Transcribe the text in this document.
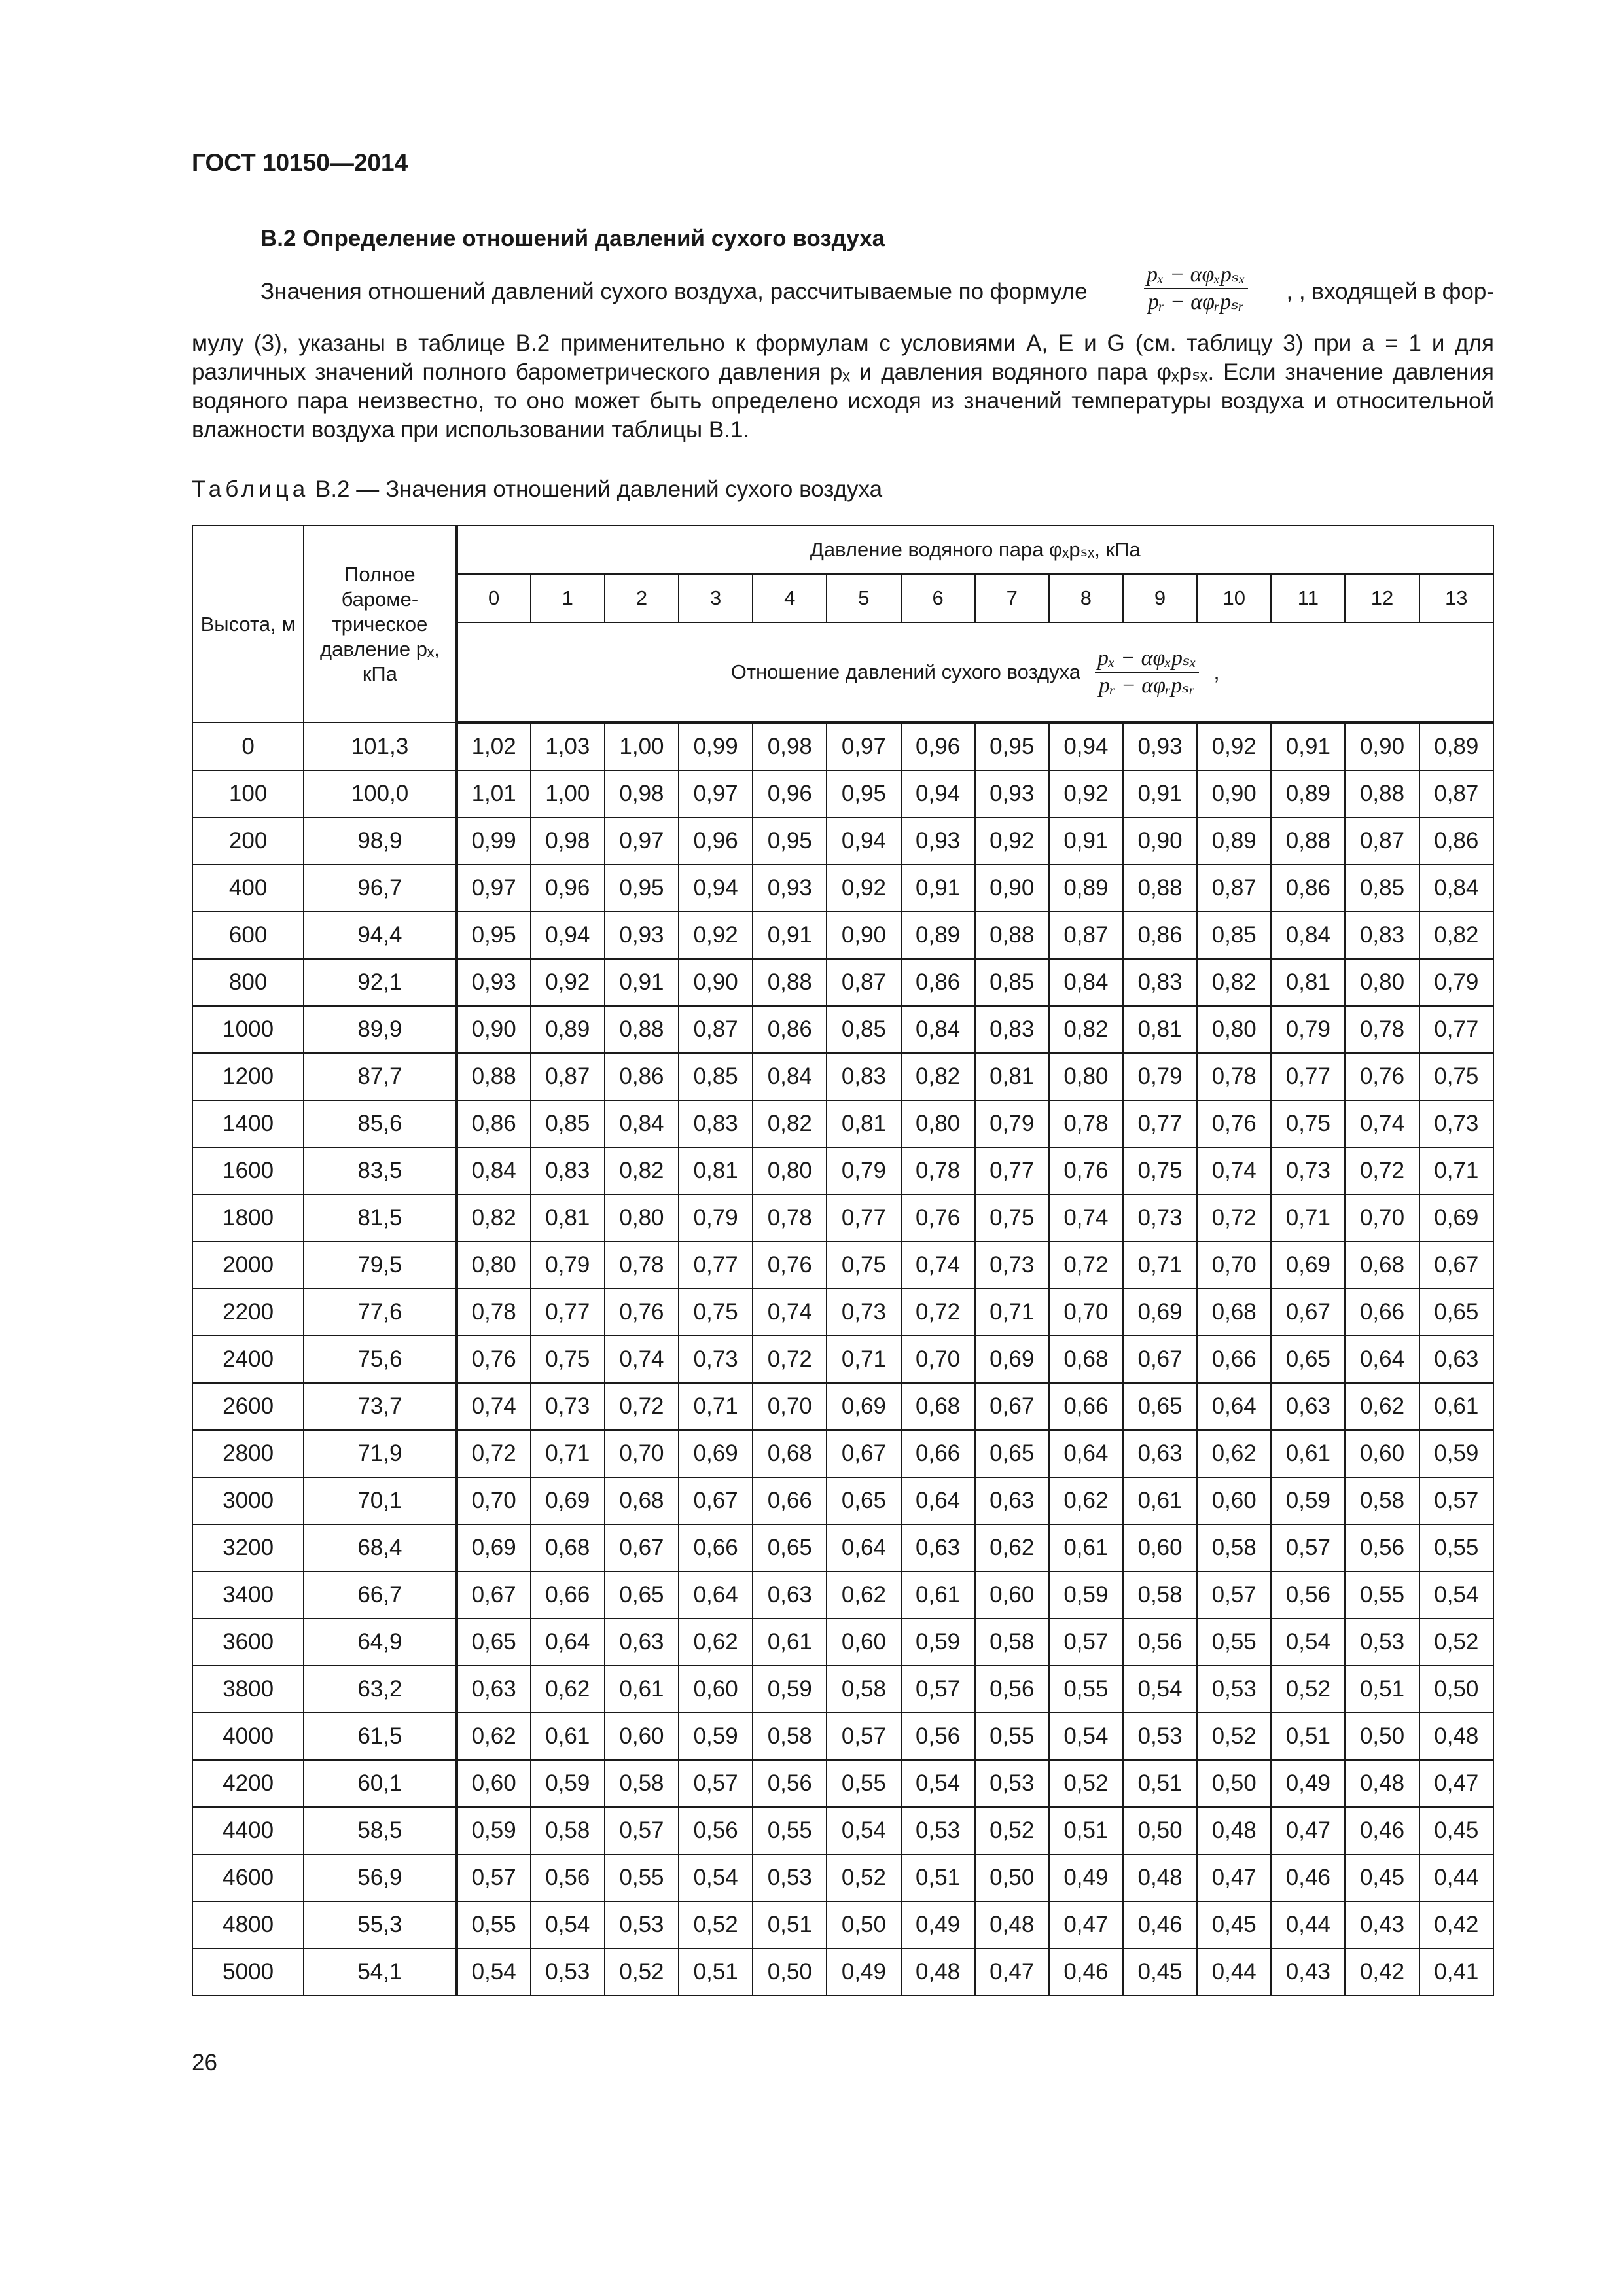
ГОСТ 10150—2014
В.2 Определение отношений давлений сухого воздуха
Значения отношений давлений сухого воздуха, рассчитываемые по формуле
pₓ − αφₓpₛₓ
pᵣ − αφᵣpₛᵣ , , входящей в фор-
мулу (3), указаны в таблице В.2 применительно к формулам с условиями A, E и G (см. таблицу 3) при a = 1 и для различных значений полного барометрического давления pₓ и давления водяного пара φₓpₛₓ. Если значение давления водяного пара неизвестно, то оно может быть определено исходя из значений температуры воздуха и относительной влажности воздуха при использовании таблицы В.1.
Таблица В.2 — Значения отношений давлений сухого воздуха
Высота, м	Полное бароме-трическое давление pₓ, кПа	Давление водяного пара φₓpₛₓ, кПа													
		0	1	2	3	4	5	6	7	8	9	10	11	12	13

		Отношение давлений сухого воздуха $\frac{\text{pₓ − αφₓpₛₓ}}{\text{pᵣ − αφᵣpₛᵣ}}$ ,													

0	101,3	1,02	1,03	1,00	0,99	0,98	0,97	0,96	0,95	0,94	0,93	0,92	0,91	0,90	0,89
100	100,0	1,01	1,00	0,98	0,97	0,96	0,95	0,94	0,93	0,92	0,91	0,90	0,89	0,88	0,87
200	98,9	0,99	0,98	0,97	0,96	0,95	0,94	0,93	0,92	0,91	0,90	0,89	0,88	0,87	0,86
400	96,7	0,97	0,96	0,95	0,94	0,93	0,92	0,91	0,90	0,89	0,88	0,87	0,86	0,85	0,84
600	94,4	0,95	0,94	0,93	0,92	0,91	0,90	0,89	0,88	0,87	0,86	0,85	0,84	0,83	0,82
800	92,1	0,93	0,92	0,91	0,90	0,88	0,87	0,86	0,85	0,84	0,83	0,82	0,81	0,80	0,79
1000	89,9	0,90	0,89	0,88	0,87	0,86	0,85	0,84	0,83	0,82	0,81	0,80	0,79	0,78	0,77
1200	87,7	0,88	0,87	0,86	0,85	0,84	0,83	0,82	0,81	0,80	0,79	0,78	0,77	0,76	0,75
1400	85,6	0,86	0,85	0,84	0,83	0,82	0,81	0,80	0,79	0,78	0,77	0,76	0,75	0,74	0,73
1600	83,5	0,84	0,83	0,82	0,81	0,80	0,79	0,78	0,77	0,76	0,75	0,74	0,73	0,72	0,71
1800	81,5	0,82	0,81	0,80	0,79	0,78	0,77	0,76	0,75	0,74	0,73	0,72	0,71	0,70	0,69
2000	79,5	0,80	0,79	0,78	0,77	0,76	0,75	0,74	0,73	0,72	0,71	0,70	0,69	0,68	0,67
2200	77,6	0,78	0,77	0,76	0,75	0,74	0,73	0,72	0,71	0,70	0,69	0,68	0,67	0,66	0,65
2400	75,6	0,76	0,75	0,74	0,73	0,72	0,71	0,70	0,69	0,68	0,67	0,66	0,65	0,64	0,63
2600	73,7	0,74	0,73	0,72	0,71	0,70	0,69	0,68	0,67	0,66	0,65	0,64	0,63	0,62	0,61
2800	71,9	0,72	0,71	0,70	0,69	0,68	0,67	0,66	0,65	0,64	0,63	0,62	0,61	0,60	0,59
3000	70,1	0,70	0,69	0,68	0,67	0,66	0,65	0,64	0,63	0,62	0,61	0,60	0,59	0,58	0,57
3200	68,4	0,69	0,68	0,67	0,66	0,65	0,64	0,63	0,62	0,61	0,60	0,58	0,57	0,56	0,55
3400	66,7	0,67	0,66	0,65	0,64	0,63	0,62	0,61	0,60	0,59	0,58	0,57	0,56	0,55	0,54
3600	64,9	0,65	0,64	0,63	0,62	0,61	0,60	0,59	0,58	0,57	0,56	0,55	0,54	0,53	0,52
3800	63,2	0,63	0,62	0,61	0,60	0,59	0,58	0,57	0,56	0,55	0,54	0,53	0,52	0,51	0,50
4000	61,5	0,62	0,61	0,60	0,59	0,58	0,57	0,56	0,55	0,54	0,53	0,52	0,51	0,50	0,48
4200	60,1	0,60	0,59	0,58	0,57	0,56	0,55	0,54	0,53	0,52	0,51	0,50	0,49	0,48	0,47
4400	58,5	0,59	0,58	0,57	0,56	0,55	0,54	0,53	0,52	0,51	0,50	0,48	0,47	0,46	0,45
4600	56,9	0,57	0,56	0,55	0,54	0,53	0,52	0,51	0,50	0,49	0,48	0,47	0,46	0,45	0,44
4800	55,3	0,55	0,54	0,53	0,52	0,51	0,50	0,49	0,48	0,47	0,46	0,45	0,44	0,43	0,42
5000	54,1	0,54	0,53	0,52	0,51	0,50	0,49	0,48	0,47	0,46	0,45	0,44	0,43	0,42	0,41
26
